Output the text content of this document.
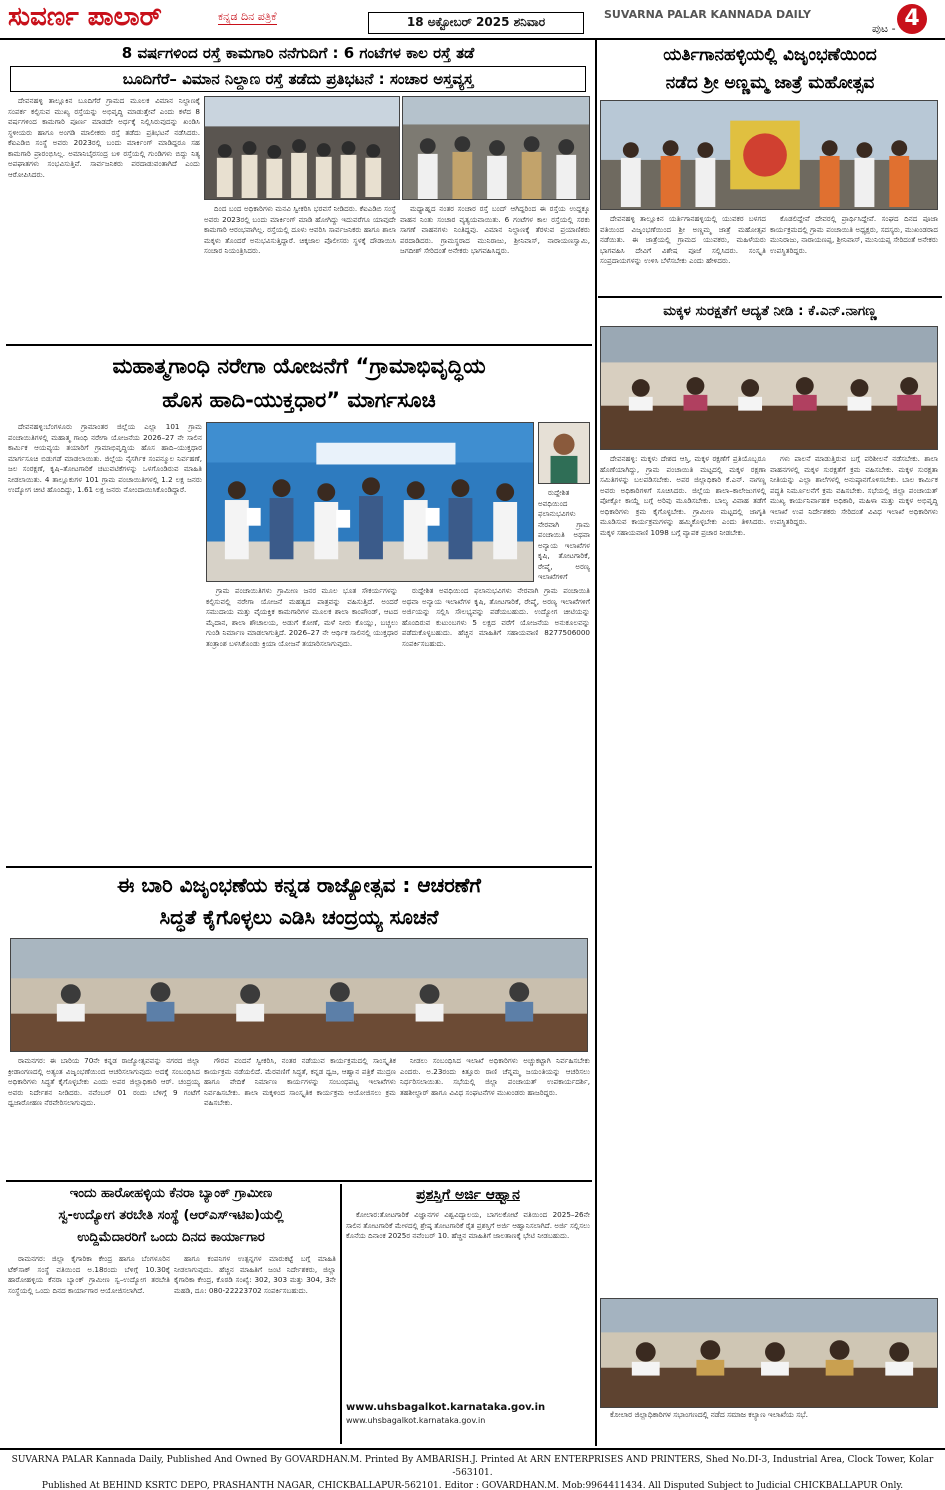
ಸುವರ್ಣ ಪಾಲಾರ್	ಕನ್ನಡ ದಿನ ಪತ್ರಿಕೆ	18 ಅಕ್ಟೋಬರ್ 2025 ಶನಿವಾರ
SUVARNA PALAR KANNADA DAILY
ಪುಟ - 4
8 ವರ್ಷಗಳಿಂದ ರಸ್ತೆ ಕಾಮಗಾರಿ ನನೆಗುದಿಗೆ : 6 ಗಂಟೆಗಳ ಕಾಲ ರಸ್ತೆ ತಡೆ
ಬೂದಿಗೆರೆ– ವಿಮಾನ ನಿಲ್ದಾಣ ರಸ್ತೆ ತಡೆದು ಪ್ರತಿಭಟನೆ : ಸಂಚಾರ ಅಸ್ತವ್ಯಸ್ತ

ದೇವನಹಳ್ಳಿ ತಾಲ್ಲೂಕಿನ ಬೂದಿಗೆರೆ ಗ್ರಾಮದ ಮೂಲಕ ವಿಮಾನ ನಿಲ್ದಾಣಕ್ಕೆ ಸಂಪರ್ಕ ಕಲ್ಪಿಸುವ ಮುಖ್ಯ ರಸ್ತೆಯನ್ನು ಅಭಿವೃದ್ಧಿ ಮಾಡುತ್ತೇವೆ ಎಂದು ಕಳೆದ 8 ವರ್ಷಗಳಿಂದ ಕಾಮಗಾರಿ ಪೂರ್ಣ ಮಾಡದೇ ಅರ್ಧಕ್ಕೆ ನಿಲ್ಲಿಸಿರುವುದನ್ನು ಖಂಡಿಸಿ ಸ್ಥಳೀಯರು ಹಾಗೂ ಅಂಗಡಿ ಮಾಲೀಕರು ರಸ್ತೆ ತಡೆದು ಪ್ರತಿಭಟನೆ ನಡೆಸಿದರು. ಕೆಐಎಡಿಬಿ ಸಂಸ್ಥೆ ಅವರು 2023ರಲ್ಲಿ ಬಂದು ಮಾರ್ಕಿಂಗ್ ಮಾಡಿದ್ದರೂ ಸಹ ಕಾಮಗಾರಿ ಪ್ರಾರಂಭಿಸಿಲ್ಲ. ಅಮಾನಿಬೈರಸಂದ್ರ ಬಳಿ ರಸ್ತೆಯಲ್ಲಿ ಗುಂಡಿಗಳು ಬಿದ್ದು ನಿತ್ಯ ಅಪಘಾತಗಳು ಸಂಭವಿಸುತ್ತಿವೆ. ಸಾರ್ವಜನಿಕರು ಪರದಾಡುವಂತಾಗಿದೆ ಎಂದು ಆರೋಪಿಸಿದರು.

ದಿಂದ ಬಂದ ಅಧಿಕಾರಿಗಳು ಮನವಿ ಸ್ವೀಕರಿಸಿ ಭರವಸೆ ನೀಡಿದರು. ಕೆಐಎಡಿಬಿ ಸಂಸ್ಥೆ ಅವರು 2023ರಲ್ಲಿ ಬಂದು ಮಾರ್ಕಿಂಗ್ ಮಾಡಿ ಹೋಗಿದ್ದು ಇದುವರೆಗೂ ಯಾವುದೇ ಕಾಮಗಾರಿ ಆರಂಭವಾಗಿಲ್ಲ. ರಸ್ತೆಯಲ್ಲಿ ದೂಳು ಆವರಿಸಿ ಸಾರ್ವಜನಿಕರು ಹಾಗೂ ಶಾಲಾ ಮಕ್ಕಳು ತೊಂದರೆ ಅನುಭವಿಸುತ್ತಿದ್ದಾರೆ. ಚಿಕ್ಕಜಾಲ ಪೊಲೀಸರು ಸ್ಥಳಕ್ಕೆ ದೌಡಾಯಿಸಿ ಸಂಚಾರ ನಿಯಂತ್ರಿಸಿದರು.

ಮಧ್ಯಾಹ್ನದ ನಂತರ ಸಂಚಾರ ರಸ್ತೆ ಬಂದ್ ಆಗಿದ್ದರಿಂದ ಈ ರಸ್ತೆಯ ಉದ್ದಕ್ಕೂ ವಾಹನ ನಿಂತು ಸಂಚಾರ ವ್ಯತ್ಯಯವಾಯಿತು. 6 ಗಂಟೆಗಳ ಕಾಲ ರಸ್ತೆಯಲ್ಲಿ ಸರಕು ಸಾಗಣೆ ವಾಹನಗಳು ನಿಂತಿದ್ದವು. ವಿಮಾನ ನಿಲ್ದಾಣಕ್ಕೆ ತೆರಳುವ ಪ್ರಯಾಣಿಕರು ಪರದಾಡಿದರು. ಗ್ರಾಮಸ್ಥರಾದ ಮುನಿರಾಜು, ಶ್ರೀನಿವಾಸ್, ನಾರಾಯಣಸ್ವಾಮಿ, ಜಗದೀಶ್ ಸೇರಿದಂತೆ ಅನೇಕರು ಭಾಗವಹಿಸಿದ್ದರು.

ಮಹಾತ್ಮಗಾಂಧಿ ನರೇಗಾ ಯೋಜನೆಗೆ “ಗ್ರಾಮಾಭಿವೃದ್ಧಿಯ
ಹೊಸ ಹಾದಿ-ಯುಕ್ತಧಾರ” ಮಾರ್ಗಸೂಚಿ

ದೇವನಹಳ್ಳಿ:ಬೆಂಗಳೂರು ಗ್ರಾಮಾಂತರ ಜಿಲ್ಲೆಯ ಎಲ್ಲಾ 101 ಗ್ರಾಮ ಪಂಚಾಯಿತಿಗಳಲ್ಲಿ ಮಹಾತ್ಮ ಗಾಂಧಿ ನರೇಗಾ ಯೋಜನೆಯ 2026–27 ನೇ ಸಾಲಿನ ಕಾರ್ಮಿಕ ಆಯವ್ಯಯ ತಯಾರಿಗೆ ಗ್ರಾಮಾಭಿವೃದ್ಧಿಯ ಹೊಸ ಹಾದಿ–ಯುಕ್ತಧಾರ ಮಾರ್ಗಸೂಚಿ ಬಿಡುಗಡೆ ಮಾಡಲಾಯಿತು. ಜಿಲ್ಲೆಯ ನೈಸರ್ಗಿಕ ಸಂಪನ್ಮೂಲ ನಿರ್ವಹಣೆ, ಜಲ ಸಂರಕ್ಷಣೆ, ಕೃಷಿ–ತೋಟಗಾರಿಕೆ ಚಟುವಟಿಕೆಗಳನ್ನು ಒಳಗೊಂಡಿರುವ ಮಾಹಿತಿ ನೀಡಲಾಯಿತು. 4 ತಾಲ್ಲೂಕುಗಳ 101 ಗ್ರಾಮ ಪಂಚಾಯಿತಿಗಳಲ್ಲಿ 1.2 ಲಕ್ಷ ಜನರು ಉದ್ಯೋಗ ಚೀಟಿ ಹೊಂದಿದ್ದು, 1.61 ಲಕ್ಷ ಜನರು ನೋಂದಾಯಿಸಿಕೊಂಡಿದ್ದಾರೆ.	ರುದ್ದೇಶಿತ ಅವಧಿಯಿಂದ ಫಲಾನುಭವಿಗಳು ನೇರವಾಗಿ ಗ್ರಾಮ ಪಂಚಾಯಿತಿ ಅಥವಾ ಅನ್ಯಾಯ ಇಲಾಖೆಗಳ ಕೃಷಿ, ತೋಟಗಾರಿಕೆ, ರೇಷ್ಮೆ, ಅರಣ್ಯ ಇಲಾಖೆಗಳಿಗೆ

ಗ್ರಾಮ ಪಂಚಾಯಿತಿಗಳು ಗ್ರಾಮೀಣ ಜನರ ಮೂಲ ಭೂತ ಸೌಕರ್ಯಗಳನ್ನು ಕಲ್ಪಿಸುವಲ್ಲಿ ನರೇಗಾ ಯೋಜನೆ ಮಹತ್ವದ ಪಾತ್ರವನ್ನು ವಹಿಸುತ್ತಿದೆ. ಅಂದರೆ ಸಮುದಾಯ ಮತ್ತು ವೈಯಕ್ತಿಕ ಕಾಮಗಾರಿಗಳ ಮೂಲಕ ಶಾಲಾ ಕಾಂಪೌಂಡ್, ಆಟದ ಮೈದಾನ, ಶಾಲಾ ಶೌಚಾಲಯ, ಅಡುಗೆ ಕೋಣೆ, ಮಳೆ ನೀರು ಕೊಯ್ಲು, ಬಚ್ಚಲು ಗುಂಡಿ ನಿರ್ಮಾಣ ಮಾಡಲಾಗುತ್ತಿದೆ. 2026–27 ನೇ ಆರ್ಥಿಕ ಸಾಲಿನಲ್ಲಿ ಯುಕ್ತಧಾರ ತಂತ್ರಾಂಶ ಬಳಸಿಕೊಂಡು ಕ್ರಿಯಾ ಯೋಜನೆ ತಯಾರಿಸಲಾಗುವುದು.

ರುದ್ದೇಶಿತ ಅವಧಿಯಿಂದ ಫಲಾನುಭವಿಗಳು ನೇರವಾಗಿ ಗ್ರಾಮ ಪಂಚಾಯಿತಿ ಅಥವಾ ಅನ್ಯಾಯ ಇಲಾಖೆಗಳ ಕೃಷಿ, ತೋಟಗಾರಿಕೆ, ರೇಷ್ಮೆ, ಅರಣ್ಯ ಇಲಾಖೆಗಳಿಗೆ ಅರ್ಜಿಯನ್ನು ಸಲ್ಲಿಸಿ ಸೌಲಭ್ಯವನ್ನು ಪಡೆಯಬಹುದು. ಉದ್ಯೋಗ ಚೀಟಿಯನ್ನು ಹೊಂದಿರುವ ಕುಟುಂಬಗಳು 5 ಲಕ್ಷದ ವರೆಗೆ ಯೋಜನೆಯ ಅನುಕೂಲವನ್ನು ಪಡೆದುಕೊಳ್ಳಬಹುದು. ಹೆಚ್ಚಿನ ಮಾಹಿತಿಗೆ ಸಹಾಯವಾಣಿ 8277506000 ಸಂಪರ್ಕಿಸಬಹುದು.

ಈ ಬಾರಿ ವಿಜೃಂಭಣೆಯ ಕನ್ನಡ ರಾಜ್ಯೋತ್ಸವ : ಆಚರಣೆಗೆ
ಸಿದ್ಧತೆ ಕೈಗೊಳ್ಳಲು ಎಡಿಸಿ ಚಂದ್ರಯ್ಯ ಸೂಚನೆ

ರಾಮನಗರ: ಈ ಬಾರಿಯ 70ನೇ ಕನ್ನಡ ರಾಜ್ಯೋತ್ಸವವನ್ನು ನಗರದ ಜಿಲ್ಲಾ ಕ್ರೀಡಾಂಗಣದಲ್ಲಿ ಅತ್ಯಂತ ವಿಜೃಂಭಣೆಯಿಂದ ಆಚರಿಸಲಾಗುವುದು ಅದಕ್ಕೆ ಸಂಬಂಧಿಸಿದ ಅಧಿಕಾರಿಗಳು ಸಿದ್ಧತೆ ಕೈಗೊಳ್ಳಬೇಕು ಎಂದು ಅಪರ ಜಿಲ್ಲಾಧಿಕಾರಿ ಆರ್. ಚಂದ್ರಯ್ಯ ಅವರು ನಿರ್ದೇಶನ ನೀಡಿದರು. ನವೆಂಬರ್ 01 ರಂದು ಬೆಳಿಗ್ಗೆ 9 ಗಂಟೆಗೆ ಧ್ವಜಾರೋಹಣ ನೆರವೇರಿಸಲಾಗುವುದು.

ಗೌರವ ವಂದನೆ ಸ್ವೀಕರಿಸಿ, ನಂತರ ನಡೆಯುವ ಕಾರ್ಯಕ್ರಮದಲ್ಲಿ ಸಾಂಸ್ಕೃತಿಕ ಕಾರ್ಯಕ್ರಮ ನಡೆಯಲಿದೆ. ಮೆರವಣಿಗೆ ಸಿದ್ಧತೆ, ಕನ್ನಡ ಧ್ವಜ, ಆಹ್ವಾನ ಪತ್ರಿಕೆ ಮುದ್ರಣ ಹಾಗೂ ವೇದಿಕೆ ನಿರ್ಮಾಣ ಕಾರ್ಯಗಳನ್ನು ಸಂಬಂಧಪಟ್ಟ ಇಲಾಖೆಗಳು ನಿರ್ವಹಿಸಬೇಕು. ಶಾಲಾ ಮಕ್ಕಳಿಂದ ಸಾಂಸ್ಕೃತಿಕ ಕಾರ್ಯಕ್ರಮ ಆಯೋಜಿಸಲು ಕ್ರಮ ವಹಿಸಬೇಕು.

ನೀಡಲು ಸಂಬಂಧಿಸಿದ ಇಲಾಖೆ ಅಧಿಕಾರಿಗಳು ಅಚ್ಚುಕಟ್ಟಾಗಿ ನಿರ್ವಹಿಸಬೇಕು ಎಂದರು. ಅ.23ರಂದು ಕಿತ್ತೂರು ರಾಣಿ ಚೆನ್ನಮ್ಮ ಜಯಂತಿಯನ್ನು ಆಚರಿಸಲು ನಿರ್ಧರಿಸಲಾಯಿತು. ಸಭೆಯಲ್ಲಿ ಜಿಲ್ಲಾ ಪಂಚಾಯತ್ ಉಪಕಾರ್ಯದರ್ಶಿ, ತಹಶೀಲ್ದಾರ್ ಹಾಗೂ ವಿವಿಧ ಸಂಘಟನೆಗಳ ಮುಖಂಡರು ಹಾಜರಿದ್ದರು.

ಇಂದು ಹಾರೋಹಳ್ಳಿಯ ಕೆನರಾ ಬ್ಯಾಂಕ್ ಗ್ರಾಮೀಣ
ಸ್ವ-ಉದ್ಯೋಗ ತರಬೇತಿ ಸಂಸ್ಥೆ (ಆರ್‌ಎಸ್‌ಇಟಿಐ)ಯಲ್ಲಿ
ಉದ್ದಿಮೆದಾರರಿಗೆ ಒಂದು ದಿನದ ಕಾರ್ಯಾಗಾರ

ರಾಮನಗರ: ಜಿಲ್ಲಾ ಕೈಗಾರಿಕಾ ಕೇಂದ್ರ ಹಾಗೂ ಬೆಂಗಳೂರಿನ ಟೆಕ್‌ಸಾಕ್ ಸಂಸ್ಥೆ ವತಿಯಿಂದ ಅ.18ರಂದು ಬೆಳಿಗ್ಗೆ 10.30ಕ್ಕೆ ಹಾರೋಹಳ್ಳಿಯ ಕೆನರಾ ಬ್ಯಾಂಕ್ ಗ್ರಾಮೀಣ ಸ್ವ–ಉದ್ಯೋಗ ತರಬೇತಿ ಸಂಸ್ಥೆಯಲ್ಲಿ ಒಂದು ದಿನದ ಕಾರ್ಯಾಗಾರ ಆಯೋಜಿಸಲಾಗಿದೆ.

ಹಾಗೂ ಕಂಪನಿಗಳ ಉತ್ಪನ್ನಗಳ ಮಾರುಕಟ್ಟೆ ಬಗ್ಗೆ ಮಾಹಿತಿ ನೀಡಲಾಗುವುದು. ಹೆಚ್ಚಿನ ಮಾಹಿತಿಗೆ ಜಂಟಿ ನಿರ್ದೇಶಕರು, ಜಿಲ್ಲಾ ಕೈಗಾರಿಕಾ ಕೇಂದ್ರ, ಕೊಠಡಿ ಸಂಖ್ಯೆ: 302, 303 ಮತ್ತು 304, 3ನೇ ಮಹಡಿ, ದೂ: 080-22223702 ಸಂಪರ್ಕಿಸಬಹುದು.

ಪ್ರಶಸ್ತಿಗೆ ಅರ್ಜಿ ಆಹ್ವಾನ

ಕೋಲಾರ:ತೋಟಗಾರಿಕೆ ವಿಜ್ಞಾನಗಳ ವಿಶ್ವವಿದ್ಯಾಲಯ, ಬಾಗಲಕೋಟೆ ವತಿಯಿಂದ 2025–26ನೇ ಸಾಲಿನ ತೋಟಗಾರಿಕೆ ಮೇಳದಲ್ಲಿ ಶ್ರೇಷ್ಠ ತೋಟಗಾರಿಕೆ ರೈತ ಪ್ರಶಸ್ತಿಗೆ ಅರ್ಜಿ ಆಹ್ವಾನಿಸಲಾಗಿದೆ. ಅರ್ಜಿ ಸಲ್ಲಿಸಲು ಕೊನೆಯ ದಿನಾಂಕ 2025ರ ನವೆಂಬರ್ 10. ಹೆಚ್ಚಿನ ಮಾಹಿತಿಗೆ ಜಾಲತಾಣಕ್ಕೆ ಭೇಟಿ ನೀಡಬಹುದು.

www.uhsbagalkot.karnataka.gov.in
www.uhsbagalkot.karnataka.gov.in
ಯರ್ತಿಗಾನಹಳ್ಳಿಯಲ್ಲಿ ವಿಜೃಂಭಣೆಯಿಂದ
ನಡೆದ ಶ್ರೀ ಅಣ್ಣಮ್ಮ ಜಾತ್ರೆ ಮಹೋತ್ಸವ

ದೇವನಹಳ್ಳಿ ತಾಲ್ಲೂಕಿನ ಯರ್ತಿಗಾನಹಳ್ಳಿಯಲ್ಲಿ ಯುವಕರ ಬಳಗದ ವತಿಯಿಂದ ವಿಜೃಂಭಣೆಯಿಂದ ಶ್ರೀ ಅಣ್ಣಮ್ಮ ಜಾತ್ರೆ ಮಹೋತ್ಸವ ನಡೆಯಿತು. ಈ ಜಾತ್ರೆಯಲ್ಲಿ ಗ್ರಾಮದ ಯುವಕರು, ಮಹಿಳೆಯರು ಭಾಗವಹಿಸಿ ದೇವಿಗೆ ವಿಶೇಷ ಪೂಜೆ ಸಲ್ಲಿಸಿದರು. ಸಂಸ್ಕೃತಿ ಸಂಪ್ರದಾಯಗಳನ್ನು ಉಳಿಸಿ ಬೆಳೆಸಬೇಕು ಎಂದು ಹೇಳಿದರು.

ಕೊಡಲಿದ್ದೇವೆ ದೇವರಲ್ಲಿ ಪ್ರಾರ್ಥಿಸಿದ್ದೇವೆ. ಸಂಘದ ದಿನದ ಪೂಜಾ ಕಾರ್ಯಕ್ರಮದಲ್ಲಿ ಗ್ರಾಮ ಪಂಚಾಯಿತಿ ಅಧ್ಯಕ್ಷರು, ಸದಸ್ಯರು, ಮುಖಂಡರಾದ ಮುನಿರಾಜು, ನಾರಾಯಣಪ್ಪ, ಶ್ರೀನಿವಾಸ್, ಮುನಿಯಪ್ಪ ಸೇರಿದಂತೆ ಅನೇಕರು ಉಪಸ್ಥಿತರಿದ್ದರು.

ಮಕ್ಕಳ ಸುರಕ್ಷತೆಗೆ ಆದ್ಯತೆ ನೀಡಿ : ಕೆ.ಎನ್.ನಾಗಣ್ಣ

ದೇವನಹಳ್ಳಿ: ಮಕ್ಕಳು ದೇಶದ ಆಸ್ತಿ, ಮಕ್ಕಳ ರಕ್ಷಣೆಗೆ ಪ್ರತಿಯೊಬ್ಬರೂ ಹೊಣೆಯಾಗಿದ್ದು, ಗ್ರಾಮ ಪಂಚಾಯಿತಿ ಮಟ್ಟದಲ್ಲಿ ಮಕ್ಕಳ ರಕ್ಷಣಾ ಸಮಿತಿಗಳನ್ನು ಬಲಪಡಿಸಬೇಕು. ಅಪರ ಜಿಲ್ಲಾಧಿಕಾರಿ ಕೆ.ಎನ್. ನಾಗಣ್ಣ ಅವರು ಅಧಿಕಾರಿಗಳಿಗೆ ಸೂಚಿಸಿದರು. ಜಿಲ್ಲೆಯ ಶಾಲಾ–ಕಾಲೇಜುಗಳಲ್ಲಿ ಪೋಕ್ಸೋ ಕಾಯ್ದೆ ಬಗ್ಗೆ ಅರಿವು ಮೂಡಿಸಬೇಕು. ಬಾಲ್ಯ ವಿವಾಹ ತಡೆಗೆ ಅಧಿಕಾರಿಗಳು ಕ್ರಮ ಕೈಗೊಳ್ಳಬೇಕು. ಗ್ರಾಮೀಣ ಮಟ್ಟದಲ್ಲಿ ಜಾಗೃತಿ ಮೂಡಿಸುವ ಕಾರ್ಯಕ್ರಮಗಳನ್ನು ಹಮ್ಮಿಕೊಳ್ಳಬೇಕು ಎಂದು ತಿಳಿಸಿದರು. ಮಕ್ಕಳ ಸಹಾಯವಾಣಿ 1098 ಬಗ್ಗೆ ವ್ಯಾಪಕ ಪ್ರಚಾರ ನೀಡಬೇಕು.

ಗಳು ಪಾಲನೆ ಮಾಡುತ್ತಿರುವ ಬಗ್ಗೆ ಪರಿಶೀಲನೆ ನಡೆಸಬೇಕು. ಶಾಲಾ ವಾಹನಗಳಲ್ಲಿ ಮಕ್ಕಳ ಸುರಕ್ಷತೆಗೆ ಕ್ರಮ ವಹಿಸಬೇಕು. ಮಕ್ಕಳ ಸುರಕ್ಷತಾ ನೀತಿಯನ್ನು ಎಲ್ಲಾ ಶಾಲೆಗಳಲ್ಲಿ ಅನುಷ್ಠಾನಗೊಳಿಸಬೇಕು. ಬಾಲ ಕಾರ್ಮಿಕ ಪದ್ಧತಿ ನಿರ್ಮೂಲನೆಗೆ ಕ್ರಮ ವಹಿಸಬೇಕು. ಸಭೆಯಲ್ಲಿ ಜಿಲ್ಲಾ ಪಂಚಾಯತ್ ಮುಖ್ಯ ಕಾರ್ಯನಿರ್ವಾಹಕ ಅಧಿಕಾರಿ, ಮಹಿಳಾ ಮತ್ತು ಮಕ್ಕಳ ಅಭಿವೃದ್ಧಿ ಇಲಾಖೆ ಉಪ ನಿರ್ದೇಶಕರು ಸೇರಿದಂತೆ ವಿವಿಧ ಇಲಾಖೆ ಅಧಿಕಾರಿಗಳು ಉಪಸ್ಥಿತರಿದ್ದರು.

ಕೋಲಾರ ಜಿಲ್ಲಾಧಿಕಾರಿಗಳ ಸಭಾಂಗಣದಲ್ಲಿ ನಡೆದ ಸಮಾಜ ಕಲ್ಯಾಣ ಇಲಾಖೆಯ ಸಭೆ.

SUVARNA PALAR Kannada Daily, Published And Owned By GOVARDHAN.M. Printed By AMBARISH.J. Printed At ARN ENTERPRISES AND PRINTERS, Shed No.DI-3, Industrial Area, Clock Tower, Kolar -563101.
Published At BEHIND KSRTC DEPO, PRASHANTH NAGAR, CHICKBALLAPUR-562101. Editor : GOVARDHAN.M. Mob:9964411434. All Disputed Subject to Judicial CHICKBALLAPUR Only.
